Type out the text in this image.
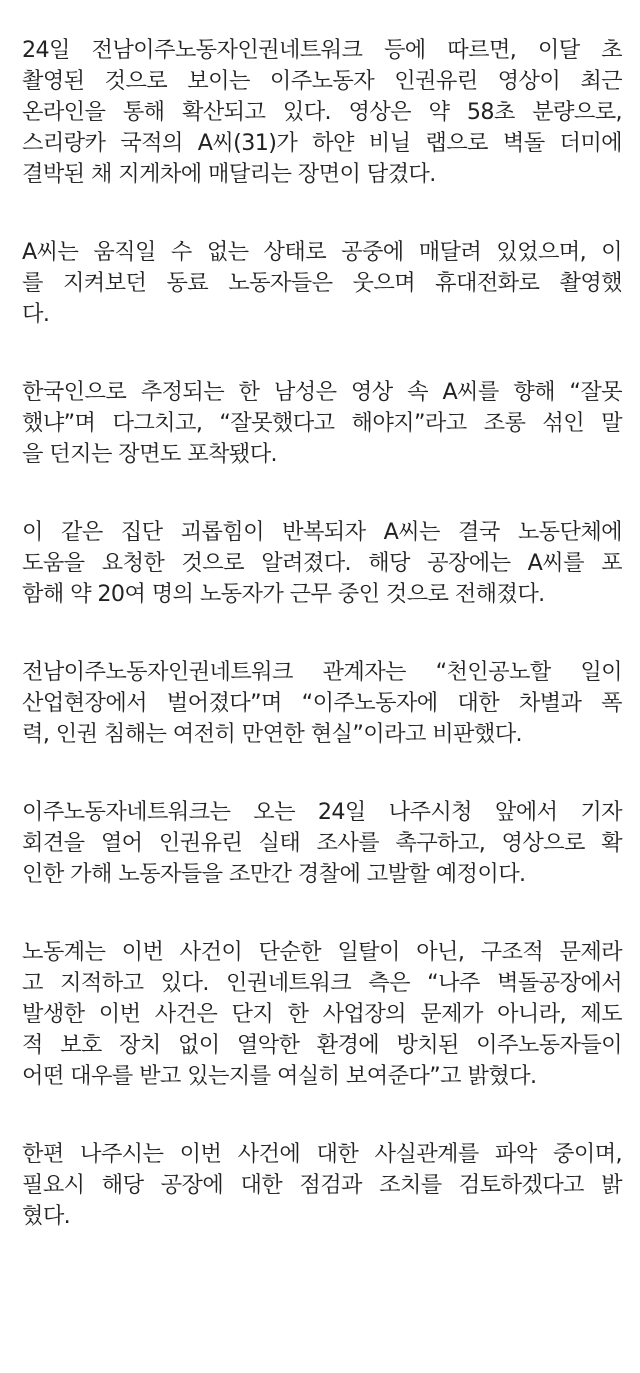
24일 전남이주노동자인권네트워크 등에 따르면, 이달 초
촬영된 것으로 보이는 이주노동자 인권유린 영상이 최근
온라인을 통해 확산되고 있다. 영상은 약 58초 분량으로,
스리랑카 국적의 A씨(31)가 하얀 비닐 랩으로 벽돌 더미에
결박된 채 지게차에 매달리는 장면이 담겼다.

A씨는 움직일 수 없는 상태로 공중에 매달려 있었으며, 이
를 지켜보던 동료 노동자들은 웃으며 휴대전화로 촬영했
다.

한국인으로 추정되는 한 남성은 영상 속 A씨를 향해 “잘못
했냐”며 다그치고, “잘못했다고 해야지”라고 조롱 섞인 말
을 던지는 장면도 포착됐다.

이 같은 집단 괴롭힘이 반복되자 A씨는 결국 노동단체에
도움을 요청한 것으로 알려졌다. 해당 공장에는 A씨를 포
함해 약 20여 명의 노동자가 근무 중인 것으로 전해졌다.

전남이주노동자인권네트워크 관계자는 “천인공노할 일이
산업현장에서 벌어졌다”며 “이주노동자에 대한 차별과 폭
력, 인권 침해는 여전히 만연한 현실”이라고 비판했다.

이주노동자네트워크는 오는 24일 나주시청 앞에서 기자
회견을 열어 인권유린 실태 조사를 촉구하고, 영상으로 확
인한 가해 노동자들을 조만간 경찰에 고발할 예정이다.

노동계는 이번 사건이 단순한 일탈이 아닌, 구조적 문제라
고 지적하고 있다. 인권네트워크 측은 “나주 벽돌공장에서
발생한 이번 사건은 단지 한 사업장의 문제가 아니라, 제도
적 보호 장치 없이 열악한 환경에 방치된 이주노동자들이
어떤 대우를 받고 있는지를 여실히 보여준다”고 밝혔다.

한편 나주시는 이번 사건에 대한 사실관계를 파악 중이며,
필요시 해당 공장에 대한 점검과 조치를 검토하겠다고 밝
혔다.
